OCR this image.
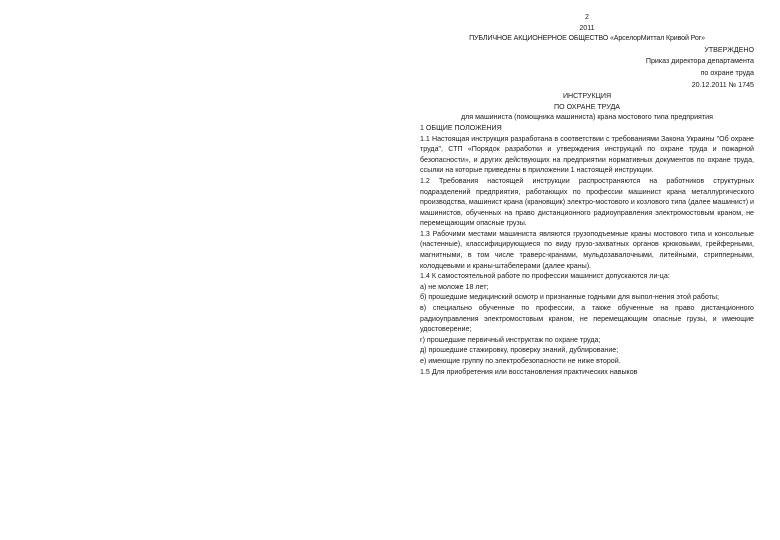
2
2011
ПУБЛИЧНОЕ АКЦИОНЕРНОЕ ОБЩЕСТВО «АрселорМиттал Кривой Рог»
УТВЕРЖДЕНО
Приказ директора департамента
по охране труда
20.12.2011 № 1745
ИНСТРУКЦИЯ
ПО ОХРАНЕ ТРУДА
для машиниста (помощника машиниста) крана мостового типа предприятия
1 ОБЩИЕ ПОЛОЖЕНИЯ
1.1 Настоящая инструкция разработана в соответствии с требованиями Закона Украины "Об охране труда", СТП «Порядок разработки и утверждения инструкций по охране труда и пожарной безопасности», и других действующих на предприятии нормативных документов по охране труда, ссылки на которые приведены в приложении 1 настоящей инструкции.
1.2 Требования настоящей инструкции распространяются на работников структурных подразделений предприятия, работающих по профессии машинист крана металлургического производства, машинист крана (крановщик) электро-мостового и козлового типа (далее машинист) и машинистов, обученных на право дистанционного радиоуправления электромостовым краном, не перемещающим опасные грузы.
1.3 Рабочими местами машиниста являются грузоподъемные краны мостового типа и консольные (настенные), классифицирующиеся по виду грузо-захватных органов крюковыми, грейферными, магнитными, в том числе траверс-кранами, мульдозавалочными, литейными, стрипперными, колодцевыми и краны-штабелерами (далее краны).
1.4 К самостоятельной работе по профессии машинист допускаются ли-ца:
а) не моложе 18 лет;
б) прошедшие медицинский осмотр и признанные годными для выпол-нения этой работы;
в) специально обученные по профессии, а также обученные на право дистанционного радиоуправления электромостовым краном, не перемещающим опасные грузы, и имеющие удостоверение;
г) прошедшие первичный инструктаж по охране труда;
д) прошедшие стажировку, проверку знаний, дублирование;
е) имеющие группу по электробезопасности не ниже второй.
1.5 Для приобретения или восстановления практических навыков
